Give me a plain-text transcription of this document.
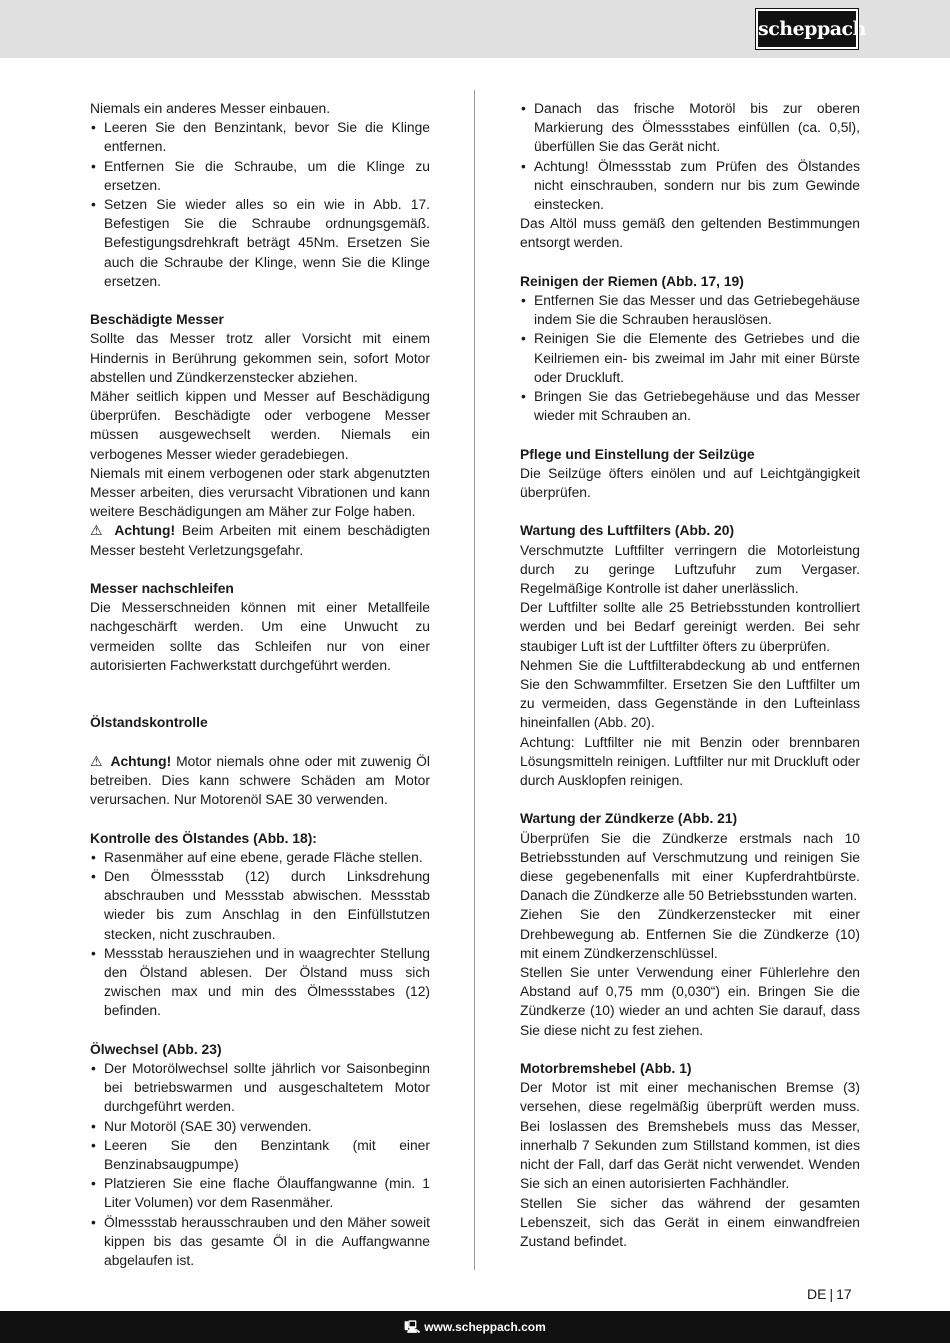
scheppach

Niemals ein anderes Messer einbauen.

• Leeren Sie den Benzintank, bevor Sie die Klinge entfernen.

• Entfernen Sie die Schraube, um die Klinge zu ersetzen.

• Setzen Sie wieder alles so ein wie in Abb. 17. Befestigen Sie die Schraube ordnungsgemäß. Befestigungsdrehkraft beträgt 45Nm. Ersetzen Sie auch die Schraube der Klinge, wenn Sie die Klinge ersetzen.

Beschädigte Messer

Sollte das Messer trotz aller Vorsicht mit einem Hindernis in Berührung gekommen sein, sofort Motor abstellen und Zündkerzenstecker abziehen.

Mäher seitlich kippen und Messer auf Beschädigung überprüfen. Beschädigte oder verbogene Messer müssen ausgewechselt werden. Niemals ein verbogenes Messer wieder geradebiegen.

Niemals mit einem verbogenen oder stark abgenutzten Messer arbeiten, dies verursacht Vibrationen und kann weitere Beschädigungen am Mäher zur Folge haben.

⚠ Achtung! Beim Arbeiten mit einem beschädigten Messer besteht Verletzungsgefahr.

Messer nachschleifen

Die Messerschneiden können mit einer Metallfeile nachgeschärft werden. Um eine Unwucht zu vermeiden sollte das Schleifen nur von einer autorisierten Fachwerkstatt durchgeführt werden.

Ölstandskontrolle

⚠ Achtung! Motor niemals ohne oder mit zuwenig Öl betreiben. Dies kann schwere Schäden am Motor verursachen. Nur Motorenöl SAE 30 verwenden.

Kontrolle des Ölstandes (Abb. 18):

• Rasenmäher auf eine ebene, gerade Fläche stellen.

• Den Ölmessstab (12) durch Linksdrehung abschrauben und Messstab abwischen. Messstab wieder bis zum Anschlag in den Einfüllstutzen stecken, nicht zuschrauben.

• Messstab herausziehen und in waagrechter Stellung den Ölstand ablesen. Der Ölstand muss sich zwischen max und min des Ölmessstabes (12) befinden.

Ölwechsel (Abb. 23)

• Der Motorölwechsel sollte jährlich vor Saisonbeginn bei betriebswarmen und ausgeschaltetem Motor durchgeführt werden.

• Nur Motoröl (SAE 30) verwenden.

• Leeren Sie den Benzintank (mit einer Benzinabsaugpumpe)

• Platzieren Sie eine flache Ölauffangwanne (min. 1 Liter Volumen) vor dem Rasenmäher.

• Ölmessstab herausschrauben und den Mäher soweit kippen bis das gesamte Öl in die Auffangwanne abgelaufen ist.

• Danach das frische Motoröl bis zur oberen Markierung des Ölmessstabes einfüllen (ca. 0,5l), überfüllen Sie das Gerät nicht.

• Achtung! Ölmessstab zum Prüfen des Ölstandes nicht einschrauben, sondern nur bis zum Gewinde einstecken.

Das Altöl muss gemäß den geltenden Bestimmungen entsorgt werden.

Reinigen der Riemen (Abb. 17, 19)

• Entfernen Sie das Messer und das Getriebegehäuse indem Sie die Schrauben herauslösen.

• Reinigen Sie die Elemente des Getriebes und die Keilriemen ein- bis zweimal im Jahr mit einer Bürste oder Druckluft.

• Bringen Sie das Getriebegehäuse und das Messer wieder mit Schrauben an.

Pflege und Einstellung der Seilzüge

Die Seilzüge öfters einölen und auf Leichtgängigkeit überprüfen.

Wartung des Luftfilters (Abb. 20)

Verschmutzte Luftfilter verringern die Motorleistung durch zu geringe Luftzufuhr zum Vergaser. Regelmäßige Kontrolle ist daher unerlässlich.

Der Luftfilter sollte alle 25 Betriebsstunden kontrolliert werden und bei Bedarf gereinigt werden. Bei sehr staubiger Luft ist der Luftfilter öfters zu überprüfen.

Nehmen Sie die Luftfilterabdeckung ab und entfernen Sie den Schwammfilter. Ersetzen Sie den Luftfilter um zu vermeiden, dass Gegenstände in den Lufteinlass hineinfallen (Abb. 20).

Achtung: Luftfilter nie mit Benzin oder brennbaren Lösungsmitteln reinigen. Luftfilter nur mit Druckluft oder durch Ausklopfen reinigen.

Wartung der Zündkerze (Abb. 21)

Überprüfen Sie die Zündkerze erstmals nach 10 Betriebsstunden auf Verschmutzung und reinigen Sie diese gegebenenfalls mit einer Kupferdrahtbürste. Danach die Zündkerze alle 50 Betriebsstunden warten.

Ziehen Sie den Zündkerzenstecker mit einer Drehbewegung ab. Entfernen Sie die Zündkerze (10) mit einem Zündkerzenschlüssel.

Stellen Sie unter Verwendung einer Fühlerlehre den Abstand auf 0,75 mm (0,030“) ein. Bringen Sie die Zündkerze (10) wieder an und achten Sie darauf, dass Sie diese nicht zu fest ziehen.

Motorbremshebel (Abb. 1)

Der Motor ist mit einer mechanischen Bremse (3) versehen, diese regelmäßig überprüft werden muss. Bei loslassen des Bremshebels muss das Messer, innerhalb 7 Sekunden zum Stillstand kommen, ist dies nicht der Fall, darf das Gerät nicht verwendet. Wenden Sie sich an einen autorisierten Fachhändler.

Stellen Sie sicher das während der gesamten Lebenszeit, sich das Gerät in einem einwandfreien Zustand befindet.

DE | 17
🖳 www.scheppach.com
